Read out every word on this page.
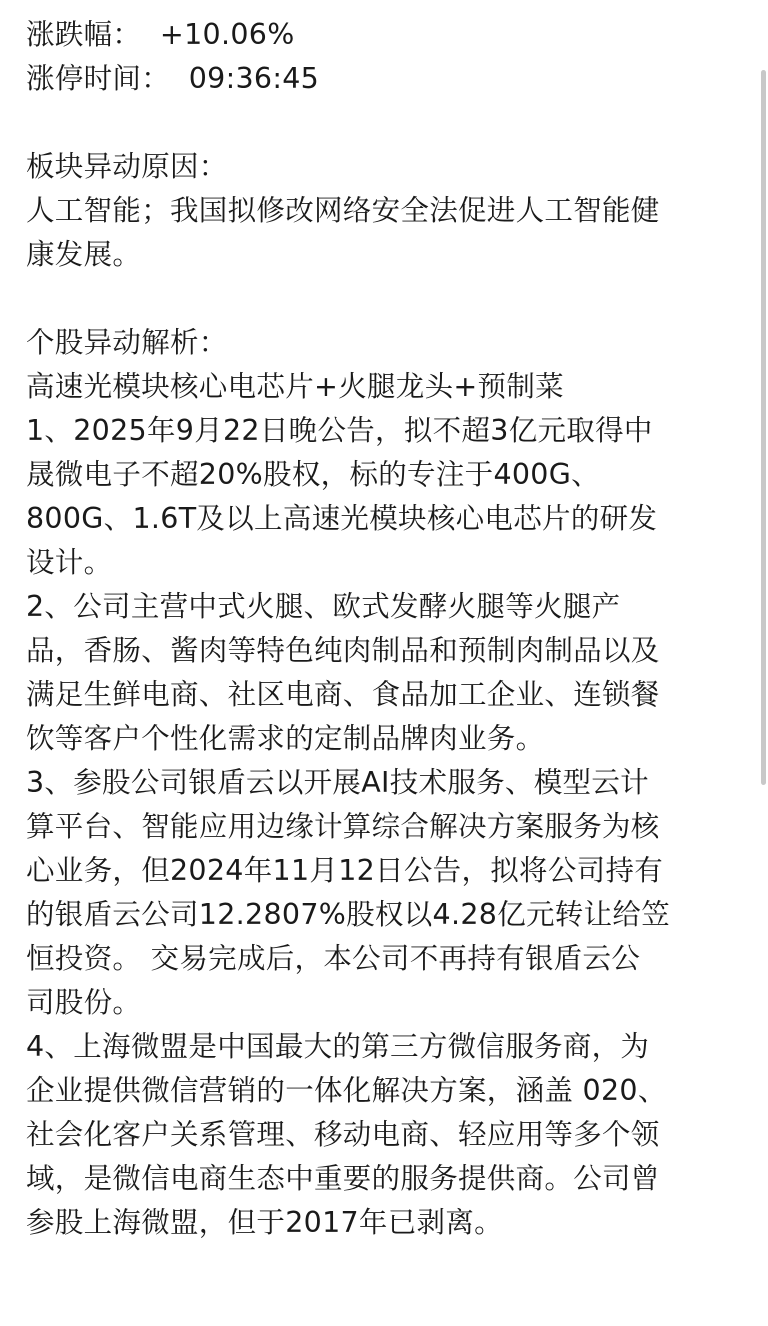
涨跌幅：  +10.06%
涨停时间：  09:36:45
板块异动原因：
人工智能；我国拟修改网络安全法促进人工智能健
康发展。
个股异动解析：
高速光模块核心电芯片+火腿龙头+预制菜
1、2025年9月22日晚公告，拟不超3亿元取得中
晟微电子不超20%股权，标的专注于400G、
800G、1.6T及以上高速光模块核心电芯片的研发
设计。
2、公司主营中式火腿、欧式发酵火腿等火腿产
品，香肠、酱肉等特色纯肉制品和预制肉制品以及
满足生鲜电商、社区电商、食品加工企业、连锁餐
饮等客户个性化需求的定制品牌肉业务。
3、参股公司银盾云以开展AI技术服务、模型云计
算平台、智能应用边缘计算综合解决方案服务为核
心业务，但2024年11月12日公告，拟将公司持有
的银盾云公司12.2807%股权以4.28亿元转让给笠
恒投资。 交易完成后，本公司不再持有银盾云公
司股份。
4、上海微盟是中国最大的第三方微信服务商，为
企业提供微信营销的一体化解决方案，涵盖 020、
社会化客户关系管理、移动电商、轻应用等多个领
域，是微信电商生态中重要的服务提供商。公司曾
参股上海微盟，但于2017年已剥离。
